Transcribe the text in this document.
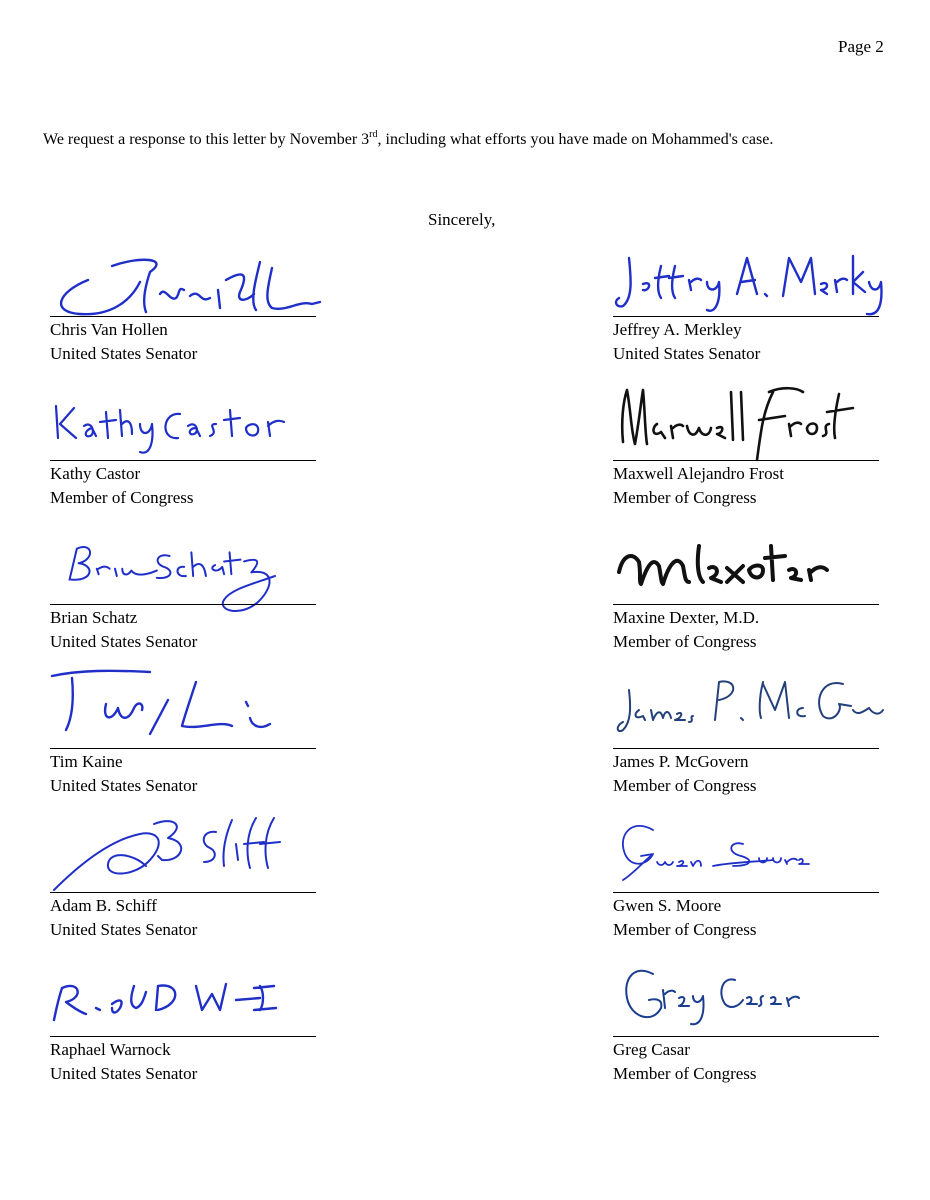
Page 2
We request a response to this letter by November 3rd, including what efforts you have made on Mohammed's case.
Sincerely,
Chris Van Hollen
United States Senator
Kathy Castor
Member of Congress
Brian Schatz
United States Senator
Tim Kaine
United States Senator
Adam B. Schiff
United States Senator
Raphael Warnock
United States Senator
Jeffrey A. Merkley
United States Senator
Maxwell Alejandro Frost
Member of Congress
Maxine Dexter, M.D.
Member of Congress
James P. McGovern
Member of Congress
Gwen S. Moore
Member of Congress
Greg Casar
Member of Congress
